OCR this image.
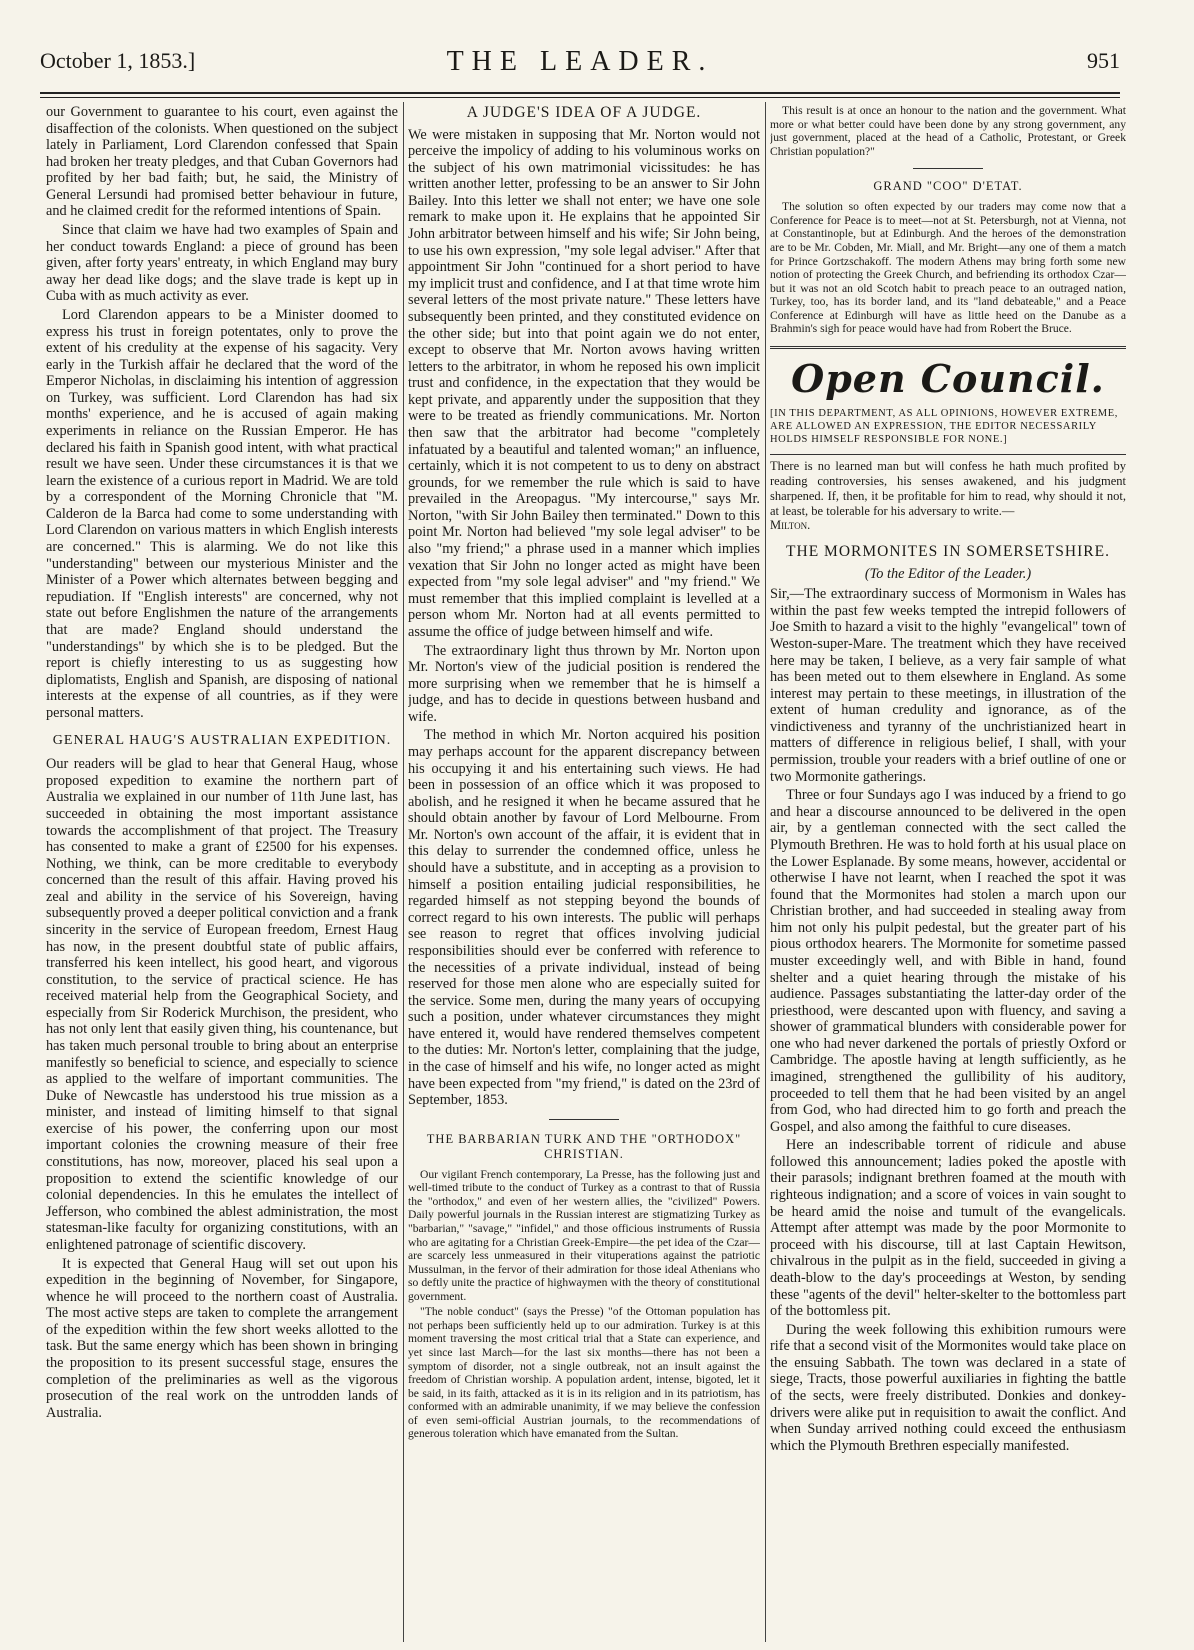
October 1, 1853.]	THE LEADER.	951

our Government to guarantee to his court, even against the disaffection of the colonists. When questioned on the subject lately in Parliament, Lord Clarendon confessed that Spain had broken her treaty pledges, and that Cuban Governors had profited by her bad faith; but, he said, the Ministry of General Lersundi had promised better behaviour in future, and he claimed credit for the reformed intentions of Spain.

Since that claim we have had two examples of Spain and her conduct towards England: a piece of ground has been given, after forty years' entreaty, in which England may bury away her dead like dogs; and the slave trade is kept up in Cuba with as much activity as ever.

Lord Clarendon appears to be a Minister doomed to express his trust in foreign potentates, only to prove the extent of his credulity at the expense of his sagacity. Very early in the Turkish affair he declared that the word of the Emperor Nicholas, in disclaiming his intention of aggression on Turkey, was sufficient. Lord Clarendon has had six months' experience, and he is accused of again making experiments in reliance on the Russian Emperor. He has declared his faith in Spanish good intent, with what practical result we have seen. Under these circumstances it is that we learn the existence of a curious report in Madrid. We are told by a correspondent of the Morning Chronicle that "M. Calderon de la Barca had come to some understanding with Lord Clarendon on various matters in which English interests are concerned." This is alarming. We do not like this "understanding" between our mysterious Minister and the Minister of a Power which alternates between begging and repudiation. If "English interests" are concerned, why not state out before Englishmen the nature of the arrangements that are made? England should understand the "understandings" by which she is to be pledged. But the report is chiefly interesting to us as suggesting how diplomatists, English and Spanish, are disposing of national interests at the expense of all countries, as if they were personal matters.

GENERAL HAUG'S AUSTRALIAN EXPEDITION.

Our readers will be glad to hear that General Haug, whose proposed expedition to examine the northern part of Australia we explained in our number of 11th June last, has succeeded in obtaining the most important assistance towards the accomplishment of that project. The Treasury has consented to make a grant of £2500 for his expenses. Nothing, we think, can be more creditable to everybody concerned than the result of this affair. Having proved his zeal and ability in the service of his Sovereign, having subsequently proved a deeper political conviction and a frank sincerity in the service of European freedom, Ernest Haug has now, in the present doubtful state of public affairs, transferred his keen intellect, his good heart, and vigorous constitution, to the service of practical science. He has received material help from the Geographical Society, and especially from Sir Roderick Murchison, the president, who has not only lent that easily given thing, his countenance, but has taken much personal trouble to bring about an enterprise manifestly so beneficial to science, and especially to science as applied to the welfare of important communities. The Duke of Newcastle has understood his true mission as a minister, and instead of limiting himself to that signal exercise of his power, the conferring upon our most important colonies the crowning measure of their free constitutions, has now, moreover, placed his seal upon a proposition to extend the scientific knowledge of our colonial dependencies. In this he emulates the intellect of Jefferson, who combined the ablest administration, the most statesman-like faculty for organizing constitutions, with an enlightened patronage of scientific discovery.

It is expected that General Haug will set out upon his expedition in the beginning of November, for Singapore, whence he will proceed to the northern coast of Australia. The most active steps are taken to complete the arrangement of the expedition within the few short weeks allotted to the task. But the same energy which has been shown in bringing the proposition to its present successful stage, ensures the completion of the preliminaries as well as the vigorous prosecution of the real work on the untrodden lands of Australia.

A JUDGE'S IDEA OF A JUDGE.

We were mistaken in supposing that Mr. Norton would not perceive the impolicy of adding to his voluminous works on the subject of his own matrimonial vicissitudes: he has written another letter, professing to be an answer to Sir John Bailey. Into this letter we shall not enter; we have one sole remark to make upon it. He explains that he appointed Sir John arbitrator between himself and his wife; Sir John being, to use his own expression, "my sole legal adviser." After that appointment Sir John "continued for a short period to have my implicit trust and confidence, and I at that time wrote him several letters of the most private nature." These letters have subsequently been printed, and they constituted evidence on the other side; but into that point again we do not enter, except to observe that Mr. Norton avows having written letters to the arbitrator, in whom he reposed his own implicit trust and confidence, in the expectation that they would be kept private, and apparently under the supposition that they were to be treated as friendly communications. Mr. Norton then saw that the arbitrator had become "completely infatuated by a beautiful and talented woman;" an influence, certainly, which it is not competent to us to deny on abstract grounds, for we remember the rule which is said to have prevailed in the Areopagus. "My intercourse," says Mr. Norton, "with Sir John Bailey then terminated." Down to this point Mr. Norton had believed "my sole legal adviser" to be also "my friend;" a phrase used in a manner which implies vexation that Sir John no longer acted as might have been expected from "my sole legal adviser" and "my friend." We must remember that this implied complaint is levelled at a person whom Mr. Norton had at all events permitted to assume the office of judge between himself and wife.

The extraordinary light thus thrown by Mr. Norton upon Mr. Norton's view of the judicial position is rendered the more surprising when we remember that he is himself a judge, and has to decide in questions between husband and wife.

The method in which Mr. Norton acquired his position may perhaps account for the apparent discrepancy between his occupying it and his entertaining such views. He had been in possession of an office which it was proposed to abolish, and he resigned it when he became assured that he should obtain another by favour of Lord Melbourne. From Mr. Norton's own account of the affair, it is evident that in this delay to surrender the condemned office, unless he should have a substitute, and in accepting as a provision to himself a position entailing judicial responsibilities, he regarded himself as not stepping beyond the bounds of correct regard to his own interests. The public will perhaps see reason to regret that offices involving judicial responsibilities should ever be conferred with reference to the necessities of a private individual, instead of being reserved for those men alone who are especially suited for the service. Some men, during the many years of occupying such a position, under whatever circumstances they might have entered it, would have rendered themselves competent to the duties: Mr. Norton's letter, complaining that the judge, in the case of himself and his wife, no longer acted as might have been expected from "my friend," is dated on the 23rd of September, 1853.

THE BARBARIAN TURK AND THE "ORTHODOX" CHRISTIAN.

Our vigilant French contemporary, La Presse, has the following just and well-timed tribute to the conduct of Turkey as a contrast to that of Russia the "orthodox," and even of her western allies, the "civilized" Powers. Daily powerful journals in the Russian interest are stigmatizing Turkey as "barbarian," "savage," "infidel," and those officious instruments of Russia who are agitating for a Christian Greek-Empire—the pet idea of the Czar—are scarcely less unmeasured in their vituperations against the patriotic Mussulman, in the fervor of their admiration for those ideal Athenians who so deftly unite the practice of highwaymen with the theory of constitutional government.

"The noble conduct" (says the Presse) "of the Ottoman population has not perhaps been sufficiently held up to our admiration. Turkey is at this moment traversing the most critical trial that a State can experience, and yet since last March—for the last six months—there has not been a symptom of disorder, not a single outbreak, not an insult against the freedom of Christian worship. A population ardent, intense, bigoted, let it be said, in its faith, attacked as it is in its religion and in its patriotism, has conformed with an admirable unanimity, if we may believe the confession of even semi-official Austrian journals, to the recommendations of generous toleration which have emanated from the Sultan.

This result is at once an honour to the nation and the government. What more or what better could have been done by any strong government, any just government, placed at the head of a Catholic, Protestant, or Greek Christian population?"

GRAND "COO" D'ETAT.

The solution so often expected by our traders may come now that a Conference for Peace is to meet—not at St. Petersburgh, not at Vienna, not at Constantinople, but at Edinburgh. And the heroes of the demonstration are to be Mr. Cobden, Mr. Miall, and Mr. Bright—any one of them a match for Prince Gortzschakoff. The modern Athens may bring forth some new notion of protecting the Greek Church, and befriending its orthodox Czar—but it was not an old Scotch habit to preach peace to an outraged nation, Turkey, too, has its border land, and its "land debateable," and a Peace Conference at Edinburgh will have as little heed on the Danube as a Brahmin's sigh for peace would have had from Robert the Bruce.

Open Council.
[IN THIS DEPARTMENT, AS ALL OPINIONS, HOWEVER EXTREME, ARE ALLOWED AN EXPRESSION, THE EDITOR NECESSARILY HOLDS HIMSELF RESPONSIBLE FOR NONE.]
There is no learned man but will confess he hath much profited by reading controversies, his senses awakened, and his judgment sharpened. If, then, it be profitable for him to read, why should it not, at least, be tolerable for his adversary to write.—
Milton.
THE MORMONITES IN SOMERSETSHIRE.
(To the Editor of the Leader.)

Sir,—The extraordinary success of Mormonism in Wales has within the past few weeks tempted the intrepid followers of Joe Smith to hazard a visit to the highly "evangelical" town of Weston-super-Mare. The treatment which they have received here may be taken, I believe, as a very fair sample of what has been meted out to them elsewhere in England. As some interest may pertain to these meetings, in illustration of the extent of human credulity and ignorance, as of the vindictiveness and tyranny of the unchristianized heart in matters of difference in religious belief, I shall, with your permission, trouble your readers with a brief outline of one or two Mormonite gatherings.

Three or four Sundays ago I was induced by a friend to go and hear a discourse announced to be delivered in the open air, by a gentleman connected with the sect called the Plymouth Brethren. He was to hold forth at his usual place on the Lower Esplanade. By some means, however, accidental or otherwise I have not learnt, when I reached the spot it was found that the Mormonites had stolen a march upon our Christian brother, and had succeeded in stealing away from him not only his pulpit pedestal, but the greater part of his pious orthodox hearers. The Mormonite for sometime passed muster exceedingly well, and with Bible in hand, found shelter and a quiet hearing through the mistake of his audience. Passages substantiating the latter-day order of the priesthood, were descanted upon with fluency, and saving a shower of grammatical blunders with considerable power for one who had never darkened the portals of priestly Oxford or Cambridge. The apostle having at length sufficiently, as he imagined, strengthened the gullibility of his auditory, proceeded to tell them that he had been visited by an angel from God, who had directed him to go forth and preach the Gospel, and also among the faithful to cure diseases.

Here an indescribable torrent of ridicule and abuse followed this announcement; ladies poked the apostle with their parasols; indignant brethren foamed at the mouth with righteous indignation; and a score of voices in vain sought to be heard amid the noise and tumult of the evangelicals. Attempt after attempt was made by the poor Mormonite to proceed with his discourse, till at last Captain Hewitson, chivalrous in the pulpit as in the field, succeeded in giving a death-blow to the day's proceedings at Weston, by sending these "agents of the devil" helter-skelter to the bottomless part of the bottomless pit.

During the week following this exhibition rumours were rife that a second visit of the Mormonites would take place on the ensuing Sabbath. The town was declared in a state of siege, Tracts, those powerful auxiliaries in fighting the battle of the sects, were freely distributed. Donkies and donkey-drivers were alike put in requisition to await the conflict. And when Sunday arrived nothing could exceed the enthusiasm which the Plymouth Brethren especially manifested.
